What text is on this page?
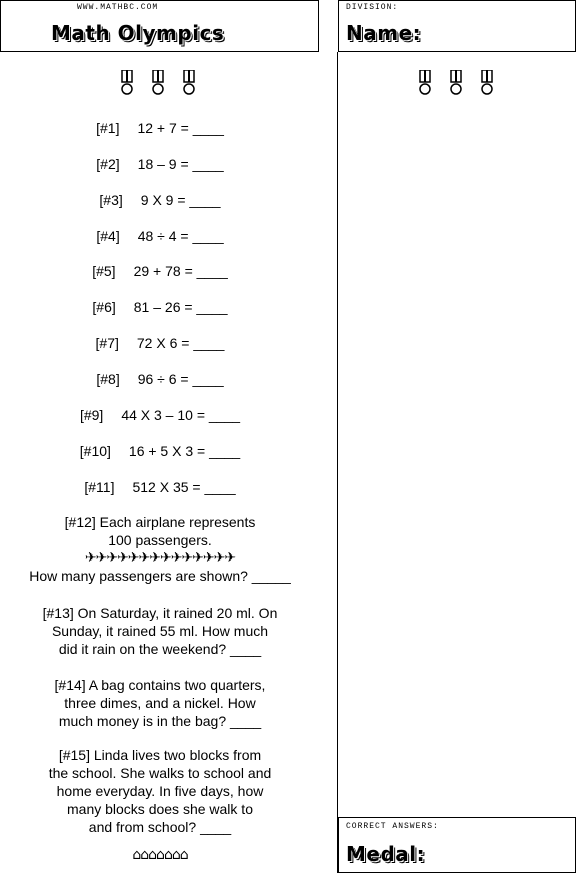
WWW.MATHBC.COM
Math Olympics
DIVISION:
Name:
[#1] 12 + 7 = ____
[#2] 18 – 9 = ____
[#3] 9 X 9 = ____
[#4] 48 ÷ 4 = ____
[#5] 29 + 78 = ____
[#6] 81 – 26 = ____
[#7] 72 X 6 = ____
[#8] 96 ÷ 6 = ____
[#9] 44 X 3 – 10 = ____
[#10] 16 + 5 X 3 = ____
[#11] 512 X 35 = ____
[#12] Each airplane represents
100 passengers.
✈✈✈✈✈✈✈✈✈✈✈✈✈✈
How many passengers are shown? _____
[#13] On Saturday, it rained 20 ml. On
Sunday, it rained 55 ml. How much
did it rain on the weekend? ____
[#14] A bag contains two quarters,
three dimes, and a nickel. How
much money is in the bag? ____
[#15] Linda lives two blocks from
the school. She walks to school and
home everyday. In five days, how
many blocks does she walk to
and from school? ____
⌂⌂⌂⌂⌂⌂⌂
CORRECT ANSWERS:
Medal:
